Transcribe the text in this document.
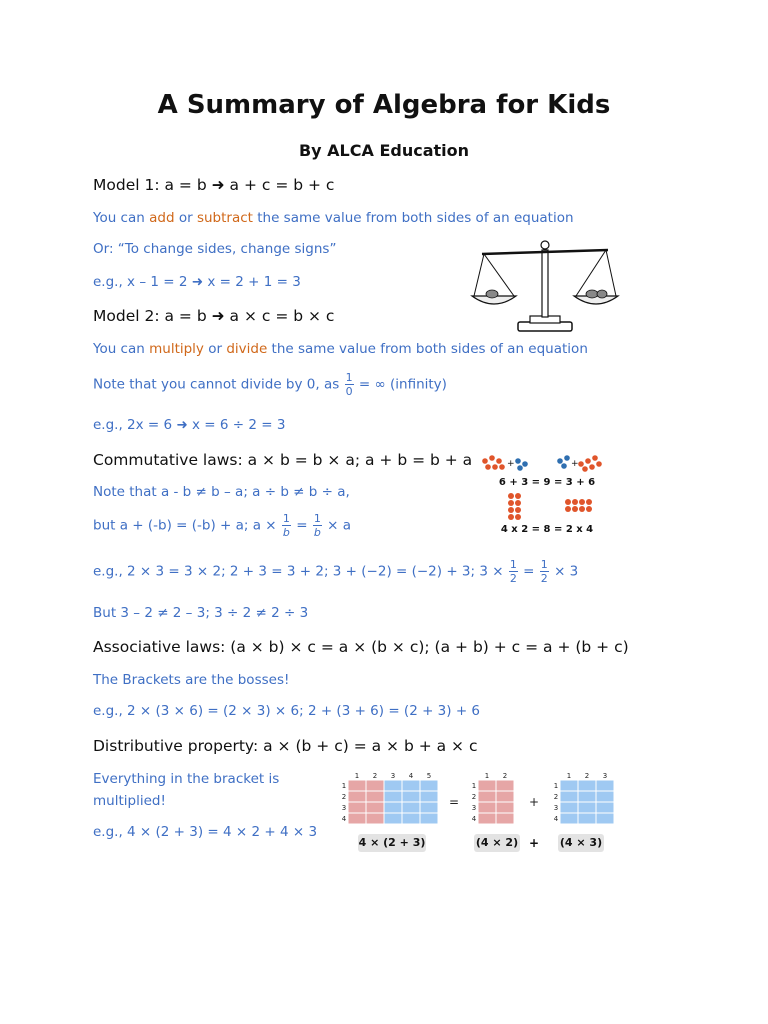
A Summary of Algebra for Kids
By ALCA Education
Model 1: a = b ➜ a + c = b + c
You can add or subtract the same value from both sides of an equation
Or: “To change sides, change signs”
e.g., x – 1 = 2 ➜ x = 2 + 1 = 3
Model 2: a = b ➜ a × c = b × c
You can multiply or divide the same value from both sides of an equation
Note that you cannot divide by 0, as $\frac{1}{0}$ = ∞ (infinity)
e.g., 2x = 6 ➜ x = 6 ÷ 2 = 3
Commutative laws: a × b = b × a; a + b = b + a
Note that a - b ≠ b – a; a ÷ b ≠ b ÷ a,
but a + (-b) = (-b) + a; $a \times \frac{1}{b} = \frac{1}{b} \times a$
e.g., 2 × 3 = 3 × 2; 2 + 3 = 3 + 2; 3 + (−2) = (−2) + 3; $3 \times \frac{1}{2} = \frac{1}{2} \times 3$
But 3 – 2 ≠ 2 – 3; 3 ÷ 2 ≠ 2 ÷ 3
+	+
6 + 3 = 9 = 3 + 6
4 x 2 = 8 = 2 x 4
Associative laws: (a × b) × c = a × (b × c); (a + b) + c = a + (b + c)
The Brackets are the bosses!
e.g., 2 × (3 × 6) = (2 × 3) × 6; 2 + (3 + 6) = (2 + 3) + 6
Distributive property: a × (b + c) = a × b + a × c
Everything in the bracket is
multiplied!
e.g., 4 × (2 + 3) = 4 × 2 + 4 × 3
1 2 3 4 5
1
2
3
4
=
1 2
1
2
3
4
+
1 2 3
1
2
3
4
4 × (2 + 3)	(4 × 2) + (4 × 3)
